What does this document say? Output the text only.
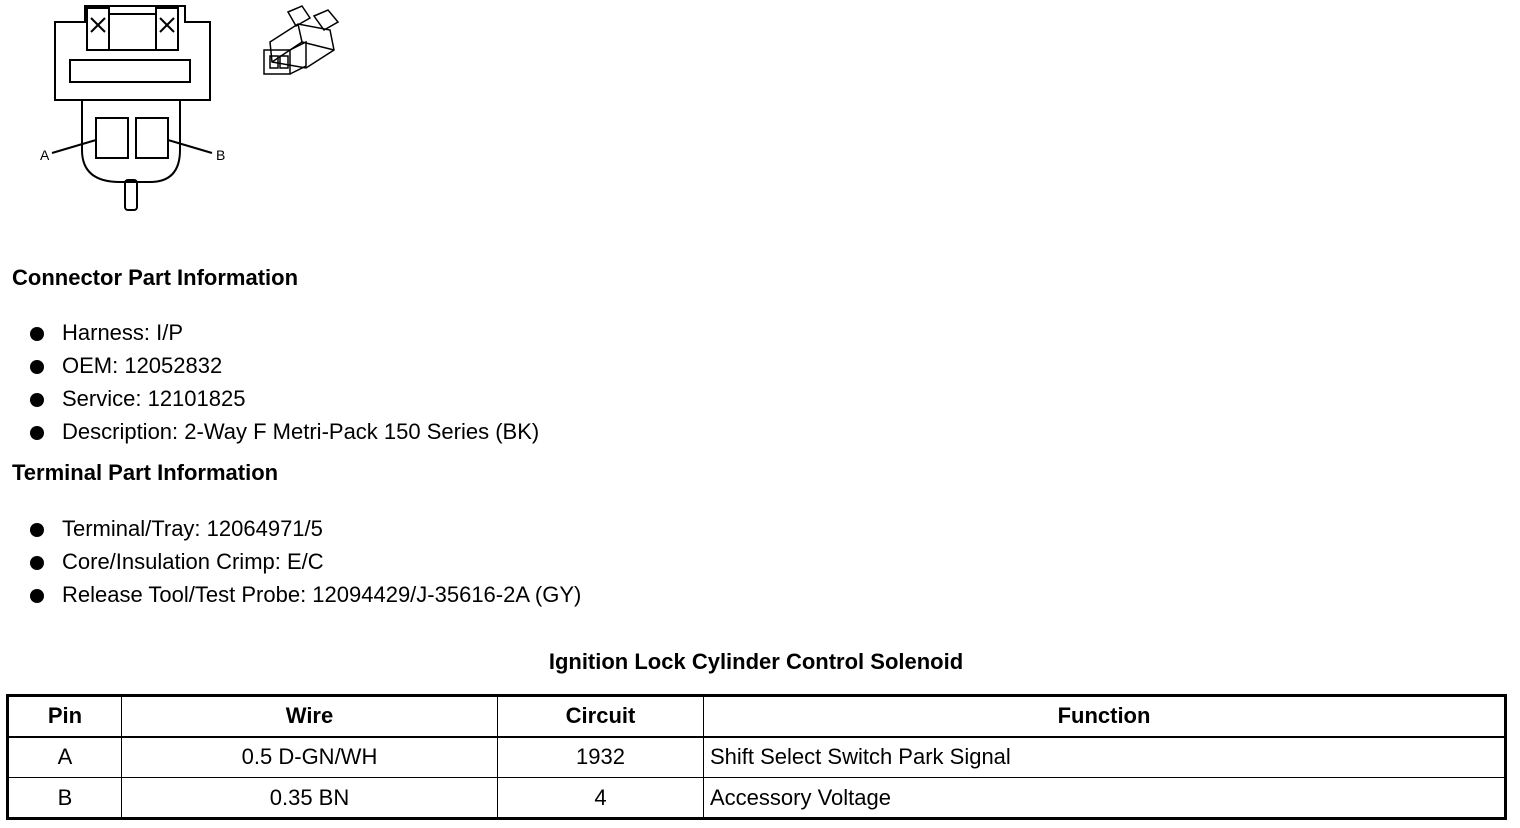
A	B
Connector Part Information
Harness: I/P
OEM: 12052832
Service: 12101825
Description: 2-Way F Metri-Pack 150 Series (BK)
Terminal Part Information
Terminal/Tray: 12064971/5
Core/Insulation Crimp: E/C
Release Tool/Test Probe: 12094429/J-35616-2A (GY)
Ignition Lock Cylinder Control Solenoid
Pin	Wire	Circuit	Function
A	0.5 D-GN/WH	1932	Shift Select Switch Park Signal
B	0.35 BN	4	Accessory Voltage
